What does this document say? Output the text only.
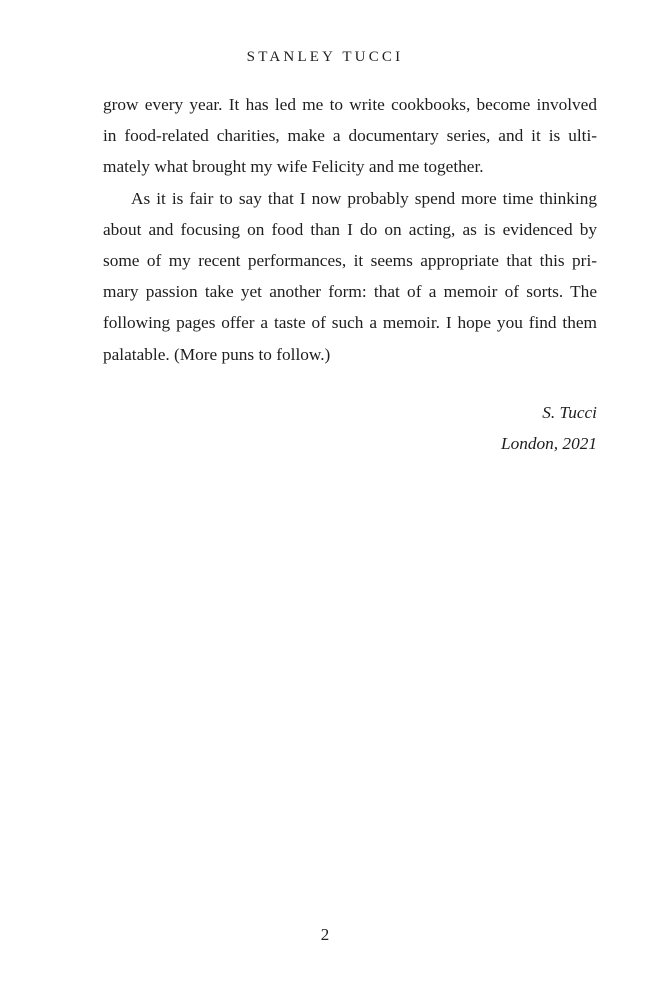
STANLEY TUCCI
grow every year. It has led me to write cookbooks, become involved
in food-related charities, make a documentary series, and it is ulti-
mately what brought my wife Felicity and me together.
As it is fair to say that I now probably spend more time thinking
about and focusing on food than I do on acting, as is evidenced by
some of my recent performances, it seems appropriate that this pri-
mary passion take yet another form: that of a memoir of sorts. The
following pages offer a taste of such a memoir. I hope you find them
palatable. (More puns to follow.)
S. Tucci
London, 2021
2
